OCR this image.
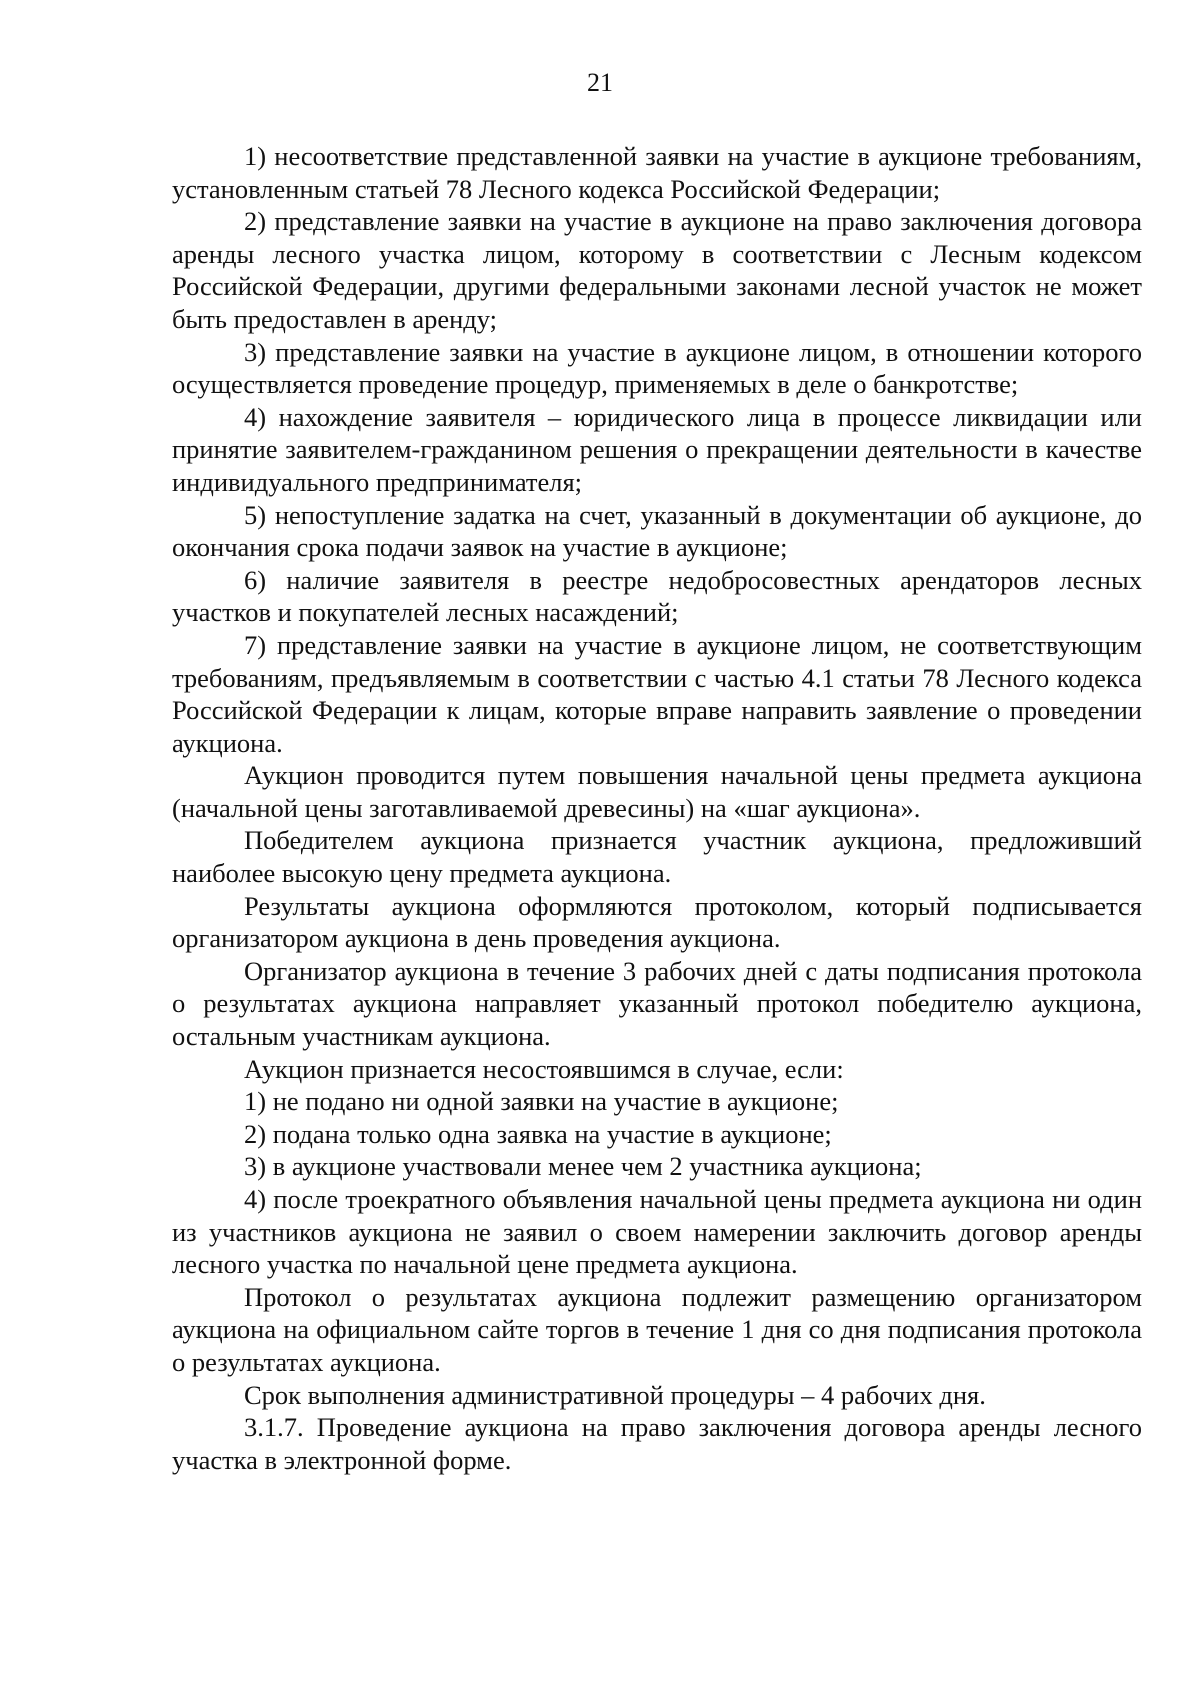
21

1) несоответствие представленной заявки на участие в аукционе требованиям, установленным статьей 78 Лесного кодекса Российской Федерации;

2) представление заявки на участие в аукционе на право заключения договора аренды лесного участка лицом, которому в соответствии с Лесным кодексом Российской Федерации, другими федеральными законами лесной участок не может быть предоставлен в аренду;

3) представление заявки на участие в аукционе лицом, в отношении которого осуществляется проведение процедур, применяемых в деле о банкротстве;

4) нахождение заявителя – юридического лица в процессе ликвидации или принятие заявителем-гражданином решения о прекращении деятельности в качестве индивидуального предпринимателя;

5) непоступление задатка на счет, указанный в документации об аукционе, до окончания срока подачи заявок на участие в аукционе;

6) наличие заявителя в реестре недобросовестных арендаторов лесных участков и покупателей лесных насаждений;

7) представление заявки на участие в аукционе лицом, не соответствующим требованиям, предъявляемым в соответствии с частью 4.1 статьи 78 Лесного кодекса Российской Федерации к лицам, которые вправе направить заявление о проведении аукциона.

Аукцион проводится путем повышения начальной цены предмета аукциона (начальной цены заготавливаемой древесины) на «шаг аукциона».

Победителем аукциона признается участник аукциона, предложивший наиболее высокую цену предмета аукциона.

Результаты аукциона оформляются протоколом, который подписывается организатором аукциона в день проведения аукциона.

Организатор аукциона в течение 3 рабочих дней с даты подписания протокола о результатах аукциона направляет указанный протокол победителю аукциона, остальным участникам аукциона.

Аукцион признается несостоявшимся в случае, если:

1) не подано ни одной заявки на участие в аукционе;

2) подана только одна заявка на участие в аукционе;

3) в аукционе участвовали менее чем 2 участника аукциона;

4) после троекратного объявления начальной цены предмета аукциона ни один из участников аукциона не заявил о своем намерении заключить договор аренды лесного участка по начальной цене предмета аукциона.

Протокол о результатах аукциона подлежит размещению организатором аукциона на официальном сайте торгов в течение 1 дня со дня подписания протокола о результатах аукциона.

Срок выполнения административной процедуры – 4 рабочих дня.

3.1.7. Проведение аукциона на право заключения договора аренды лесного участка в электронной форме.
